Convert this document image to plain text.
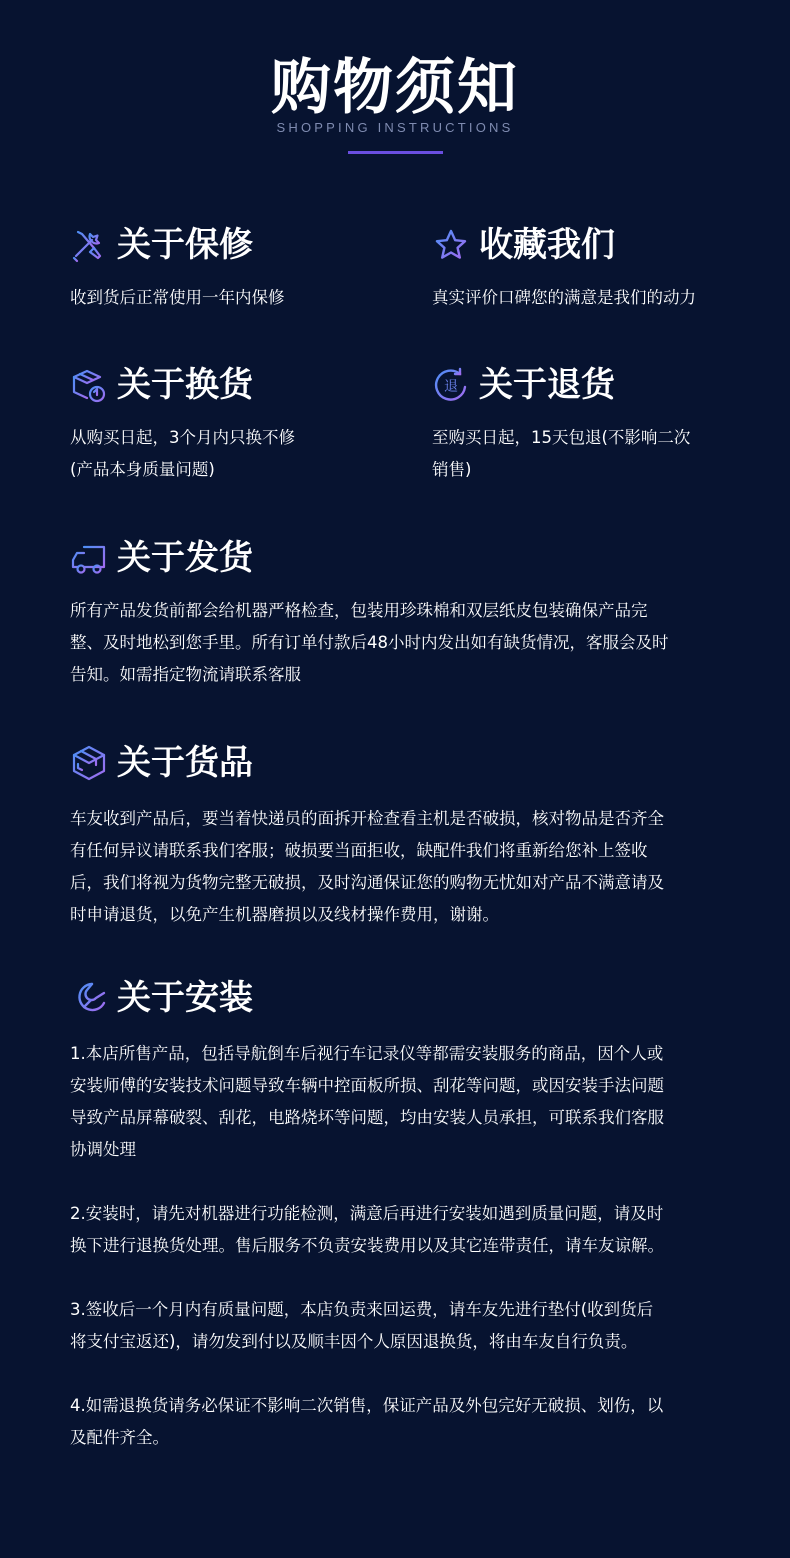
购物须知
SHOPPING INSTRUCTIONS
关于保修
收到货后正常使用一年内保修
收藏我们
真实评价口碑您的满意是我们的动力
关于换货
从购买日起，3个月内只换不修
(产品本身质量问题)
退 关于退货
至购买日起，15天包退(不影响二次
销售)
关于发货
所有产品发货前都会给机器严格检查，包装用珍珠棉和双层纸皮包装确保产品完
整、及时地松到您手里。所有订单付款后48小时内发出如有缺货情况，客服会及时
告知。如需指定物流请联系客服
关于货品
车友收到产品后，要当着快递员的面拆开检查看主机是否破损，核对物品是否齐全
有任何异议请联系我们客服；破损要当面拒收，缺配件我们将重新给您补上签收
后，我们将视为货物完整无破损，及时沟通保证您的购物无忧如对产品不满意请及
时申请退货，以免产生机器磨损以及线材操作费用，谢谢。
关于安装
1.本店所售产品，包括导航倒车后视行车记录仪等都需安装服务的商品，因个人或
安装师傅的安装技术问题导致车辆中控面板所损、刮花等问题，或因安装手法问题
导致产品屏幕破裂、刮花，电路烧坏等问题，均由安装人员承担，可联系我们客服
协调处理
2.安装时，请先对机器进行功能检测，满意后再进行安装如遇到质量问题，请及时
换下进行退换货处理。售后服务不负责安装费用以及其它连带责任，请车友谅解。
3.签收后一个月内有质量问题，本店负责来回运费，请车友先进行垫付(收到货后
将支付宝返还)，请勿发到付以及顺丰因个人原因退换货，将由车友自行负责。
4.如需退换货请务必保证不影响二次销售，保证产品及外包完好无破损、划伤，以
及配件齐全。
